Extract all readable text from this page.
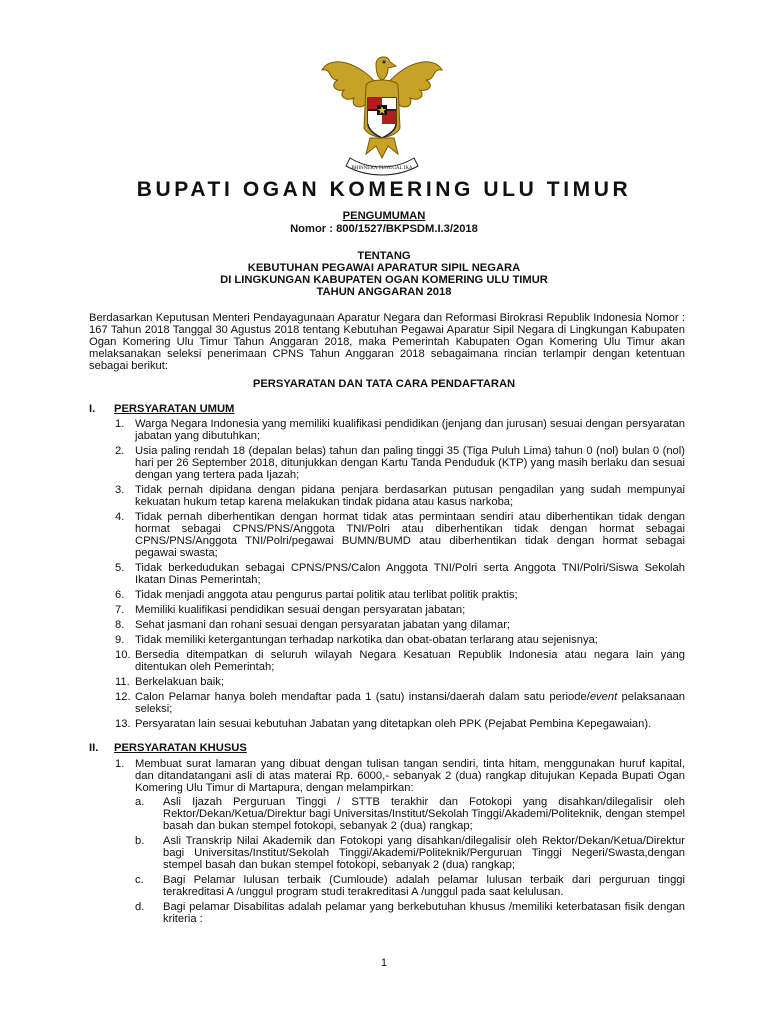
BHINNEKA TUNGGAL IKA
BUPATI OGAN KOMERING ULU TIMUR
PENGUMUMAN
Nomor : 800/1527/BKPSDM.I.3/2018
TENTANG
KEBUTUHAN PEGAWAI APARATUR SIPIL NEGARA
DI LINGKUNGAN KABUPATEN OGAN KOMERING ULU TIMUR
TAHUN ANGGARAN 2018
Berdasarkan Keputusan Menteri Pendayagunaan Aparatur Negara dan Reformasi Birokrasi Republik Indonesia Nomor : 167 Tahun 2018 Tanggal 30 Agustus 2018 tentang Kebutuhan Pegawai Aparatur Sipil Negara di Lingkungan Kabupaten Ogan Komering Ulu Timur Tahun Anggaran 2018, maka Pemerintah Kabupaten Ogan Komering Ulu Timur akan melaksanakan seleksi penerimaan CPNS Tahun Anggaran 2018 sebagaimana rincian terlampir dengan ketentuan sebagai berikut:
PERSYARATAN DAN TATA CARA PENDAFTARAN
I. PERSYARATAN UMUM
1. Warga Negara Indonesia yang memiliki kualifikasi pendidikan (jenjang dan jurusan) sesuai dengan persyaratan jabatan yang dibutuhkan;
2. Usia paling rendah 18 (depalan belas) tahun dan paling tinggi 35 (Tiga Puluh Lima) tahun 0 (nol) bulan 0 (nol) hari per 26 September 2018, ditunjukkan dengan Kartu Tanda Penduduk (KTP) yang masih berlaku dan sesuai dengan yang tertera pada Ijazah;
3. Tidak pernah dipidana dengan pidana penjara berdasarkan putusan pengadilan yang sudah mempunyai kekuatan hukum tetap karena melakukan tindak pidana atau kasus narkoba;
4. Tidak pernah diberhentikan dengan hormat tidak atas permintaan sendiri atau diberhentikan tidak dengan hormat sebagai CPNS/PNS/Anggota TNI/Polri atau diberhentikan tidak dengan hormat sebagai CPNS/PNS/Anggota TNI/Polri/pegawai BUMN/BUMD atau diberhentikan tidak dengan hormat sebagai pegawai swasta;
5. Tidak berkedudukan sebagai CPNS/PNS/Calon Anggota TNI/Polri serta Anggota TNI/Polri/Siswa Sekolah Ikatan Dinas Pemerintah;
6. Tidak menjadi anggota atau pengurus partai politik atau terlibat politik praktis;
7. Memiliki kualifikasi pendidikan sesuai dengan persyaratan jabatan;
8. Sehat jasmani dan rohani sesuai dengan persyaratan jabatan yang dilamar;
9. Tidak memiliki ketergantungan terhadap narkotika dan obat-obatan terlarang atau sejenisnya;
10. Bersedia ditempatkan di seluruh wilayah Negara Kesatuan Republik Indonesia atau negara lain yang ditentukan oleh Pemerintah;
11. Berkelakuan baik;
12. Calon Pelamar hanya boleh mendaftar pada 1 (satu) instansi/daerah dalam satu periode/event pelaksanaan seleksi;
13. Persyaratan lain sesuai kebutuhan Jabatan yang ditetapkan oleh PPK (Pejabat Pembina Kepegawaian).
II. PERSYARATAN KHUSUS
1. Membuat surat lamaran yang dibuat dengan tulisan tangan sendiri, tinta hitam, menggunakan huruf kapital, dan ditandatangani asli di atas materai Rp. 6000,- sebanyak 2 (dua) rangkap ditujukan Kepada Bupati Ogan Komering Ulu Timur di Martapura, dengan melampirkan:
a.	Asli Ijazah Perguruan Tinggi / STTB terakhir dan Fotokopi yang disahkan/dilegalisir oleh Rektor/Dekan/Ketua/Direktur bagi Universitas/Institut/Sekolah Tinggi/Akademi/Politeknik, dengan stempel basah dan bukan stempel fotokopi, sebanyak 2 (dua) rangkap;
b.	Asli Transkrip Nilai Akademik dan Fotokopi yang disahkan/dilegalisir oleh Rektor/Dekan/Ketua/Direktur bagi Universitas/Institut/Sekolah Tinggi/Akademi/Politeknik/Perguruan Tinggi Negeri/Swasta,dengan stempel basah dan bukan stempel fotokopi, sebanyak 2 (dua) rangkap;
c.	Bagi Pelamar lulusan terbaik (Cumloude) adalah pelamar lulusan terbaik dari perguruan tinggi terakreditasi A /unggul program studi terakreditasi A /unggul pada saat kelulusan.
d.	Bagi pelamar Disabilitas adalah pelamar yang berkebutuhan khusus /memiliki keterbatasan fisik dengan kriteria :
1
